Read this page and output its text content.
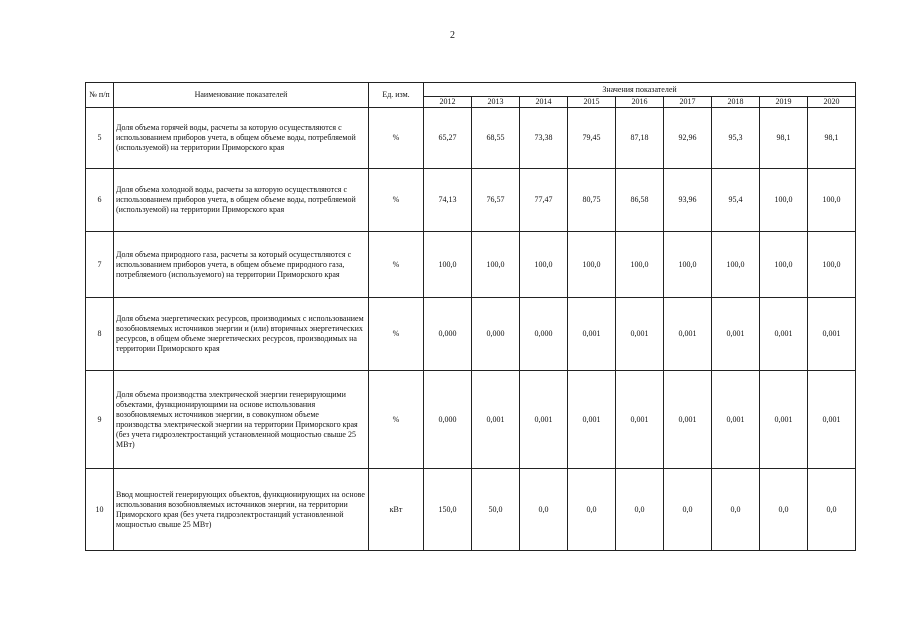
2
№ п/п	Наименование показателей	Ед. изм.	Значения показателей								
			2012	2013	2014	2015	2016	2017	2018	2019	2020
5	Доля объема горячей воды, расчеты за которую осуществляются с использованием приборов учета, в общем объеме воды, потребляемой (используемой) на территории Приморского края	%	65,27	68,55	73,38	79,45	87,18	92,96	95,3	98,1	98,1
6	Доля объема холодной воды, расчеты за которую осуществляются с использованием приборов учета, в общем объеме воды, потребляемой (используемой) на территории Приморского края	%	74,13	76,57	77,47	80,75	86,58	93,96	95,4	100,0	100,0
7	Доля объема природного газа, расчеты за который осуществляются с использованием приборов учета, в общем объеме природного газа, потребляемого (используемого) на территории Приморского края	%	100,0	100,0	100,0	100,0	100,0	100,0	100,0	100,0	100,0
8	Доля объема энергетических ресурсов, производимых с использованием возобновляемых источников энергии и (или) вторичных энергетических ресурсов, в общем объеме энергетических ресурсов, производимых на территории Приморского края	%	0,000	0,000	0,000	0,001	0,001	0,001	0,001	0,001	0,001
9	Доля объема производства электрической энергии генерирующими объектами, функционирующими на основе использования возобновляемых источников энергии, в совокупном объеме производства электрической энергии на территории Приморского края (без учета гидроэлектростанций установленной мощностью свыше 25 МВт)	%	0,000	0,001	0,001	0,001	0,001	0,001	0,001	0,001	0,001
10	Ввод мощностей генерирующих объектов, функционирующих на основе использования возобновляемых источников энергии, на территории Приморского края (без учета гидроэлектростанций установленной мощностью свыше 25 МВт)	кВт	150,0	50,0	0,0	0,0	0,0	0,0	0,0	0,0	0,0
